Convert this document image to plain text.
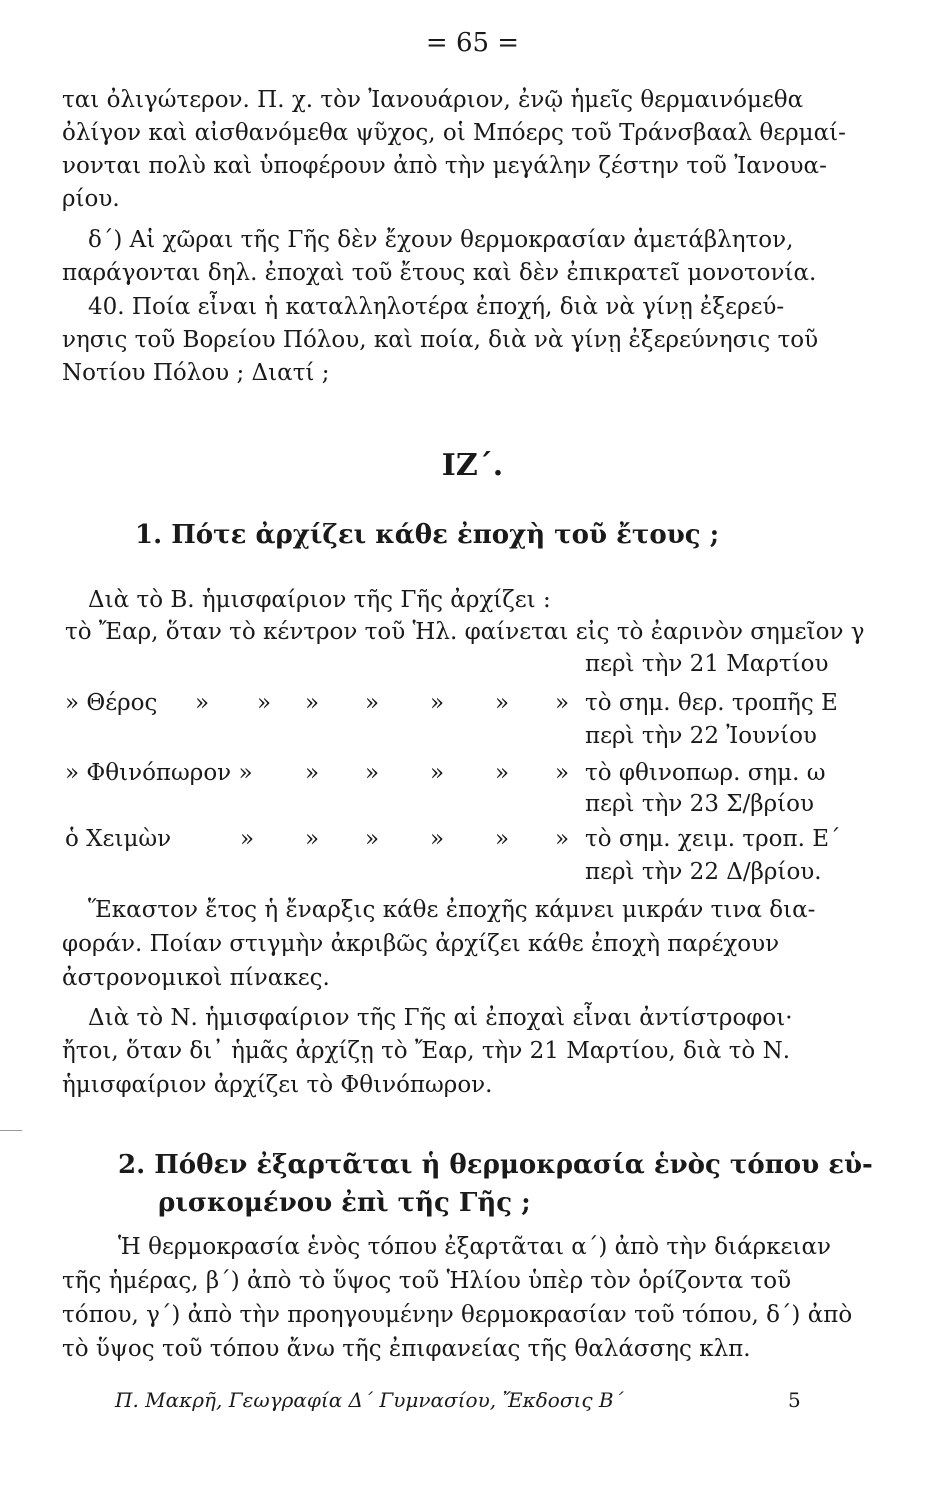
= 65 =
ται ὀλιγώτερον. Π. χ. τὸν Ἰανουάριον, ἐνῷ ἡμεῖς θερμαινόμεθα
ὀλίγον καὶ αἰσθανόμεθα ψῦχος, οἱ Μπόερς τοῦ Τράνσβααλ θερμαί-
νονται πολὺ καὶ ὑποφέρουν ἀπὸ τὴν μεγάλην ζέστην τοῦ Ἰανουα-
ρίου.
δ΄) Αἱ χῶραι τῆς Γῆς δὲν ἔχουν θερμοκρασίαν ἀμετάβλητον,
παράγονται δηλ. ἐποχαὶ τοῦ ἔτους καὶ δὲν ἐπικρατεῖ μονοτονία.
40. Ποία εἶναι ἡ καταλληλοτέρα ἐποχή, διὰ νὰ γίνῃ ἐξερεύ-
νησις τοῦ Βορείου Πόλου, καὶ ποία, διὰ νὰ γίνῃ ἐξερεύνησις τοῦ
Νοτίου Πόλου ; Διατί ;
ΙΖ΄.
1. Πότε ἀρχίζει κάθε ἐποχὴ τοῦ ἔτους ;
Διὰ τὸ Β. ἡμισφαίριον τῆς Γῆς ἀρχίζει :
τὸ Ἔαρ, ὅταν τὸ κέντρον τοῦ Ἡλ. φαίνεται εἰς τὸ ἐαρινὸν σημεῖον γ
περὶ τὴν 21 Μαρτίου
» Θέρος » » » » » » » τὸ σημ. θερ. τροπῆς Ε
περὶ τὴν 22 Ἰουνίου
» Φθινόπωρον » » » » » » τὸ φθινοπωρ. σημ. ω
περὶ τὴν 23 Σ/βρίου
ὁ Χειμὼν	» » » » » » τὸ σημ. χειμ. τροπ. Ε΄
περὶ τὴν 22 Δ/βρίου.
Ἕκαστον ἔτος ἡ ἔναρξις κάθε ἐποχῆς κάμνει μικράν τινα δια-
φοράν. Ποίαν στιγμὴν ἀκριβῶς ἀρχίζει κάθε ἐποχὴ παρέχουν
ἀστρονομικοὶ πίνακες.
Διὰ τὸ Ν. ἡμισφαίριον τῆς Γῆς αἱ ἐποχαὶ εἶναι ἀντίστροφοι·
ἤτοι, ὅταν δι᾽ ἡμᾶς ἀρχίζῃ τὸ Ἔαρ, τὴν 21 Μαρτίου, διὰ τὸ Ν.
ἡμισφαίριον ἀρχίζει τὸ Φθινόπωρον.
2. Πόθεν ἐξαρτᾶται ἡ θερμοκρασία ἑνὸς τόπου εὑ-
ρισκομένου ἐπὶ τῆς Γῆς ;
Ἡ θερμοκρασία ἑνὸς τόπου ἐξαρτᾶται α΄) ἀπὸ τὴν διάρκειαν
τῆς ἡμέρας, β΄) ἀπὸ τὸ ὕψος τοῦ Ἡλίου ὑπὲρ τὸν ὁρίζοντα τοῦ
τόπου, γ΄) ἀπὸ τὴν προηγουμένην θερμοκρασίαν τοῦ τόπου, δ΄) ἀπὸ
τὸ ὕψος τοῦ τόπου ἄνω τῆς ἐπιφανείας τῆς θαλάσσης κλπ.
Π. Μακρῆ, Γεωγραφία Δ΄ Γυμνασίου, Ἔκδοσις Β΄	5
